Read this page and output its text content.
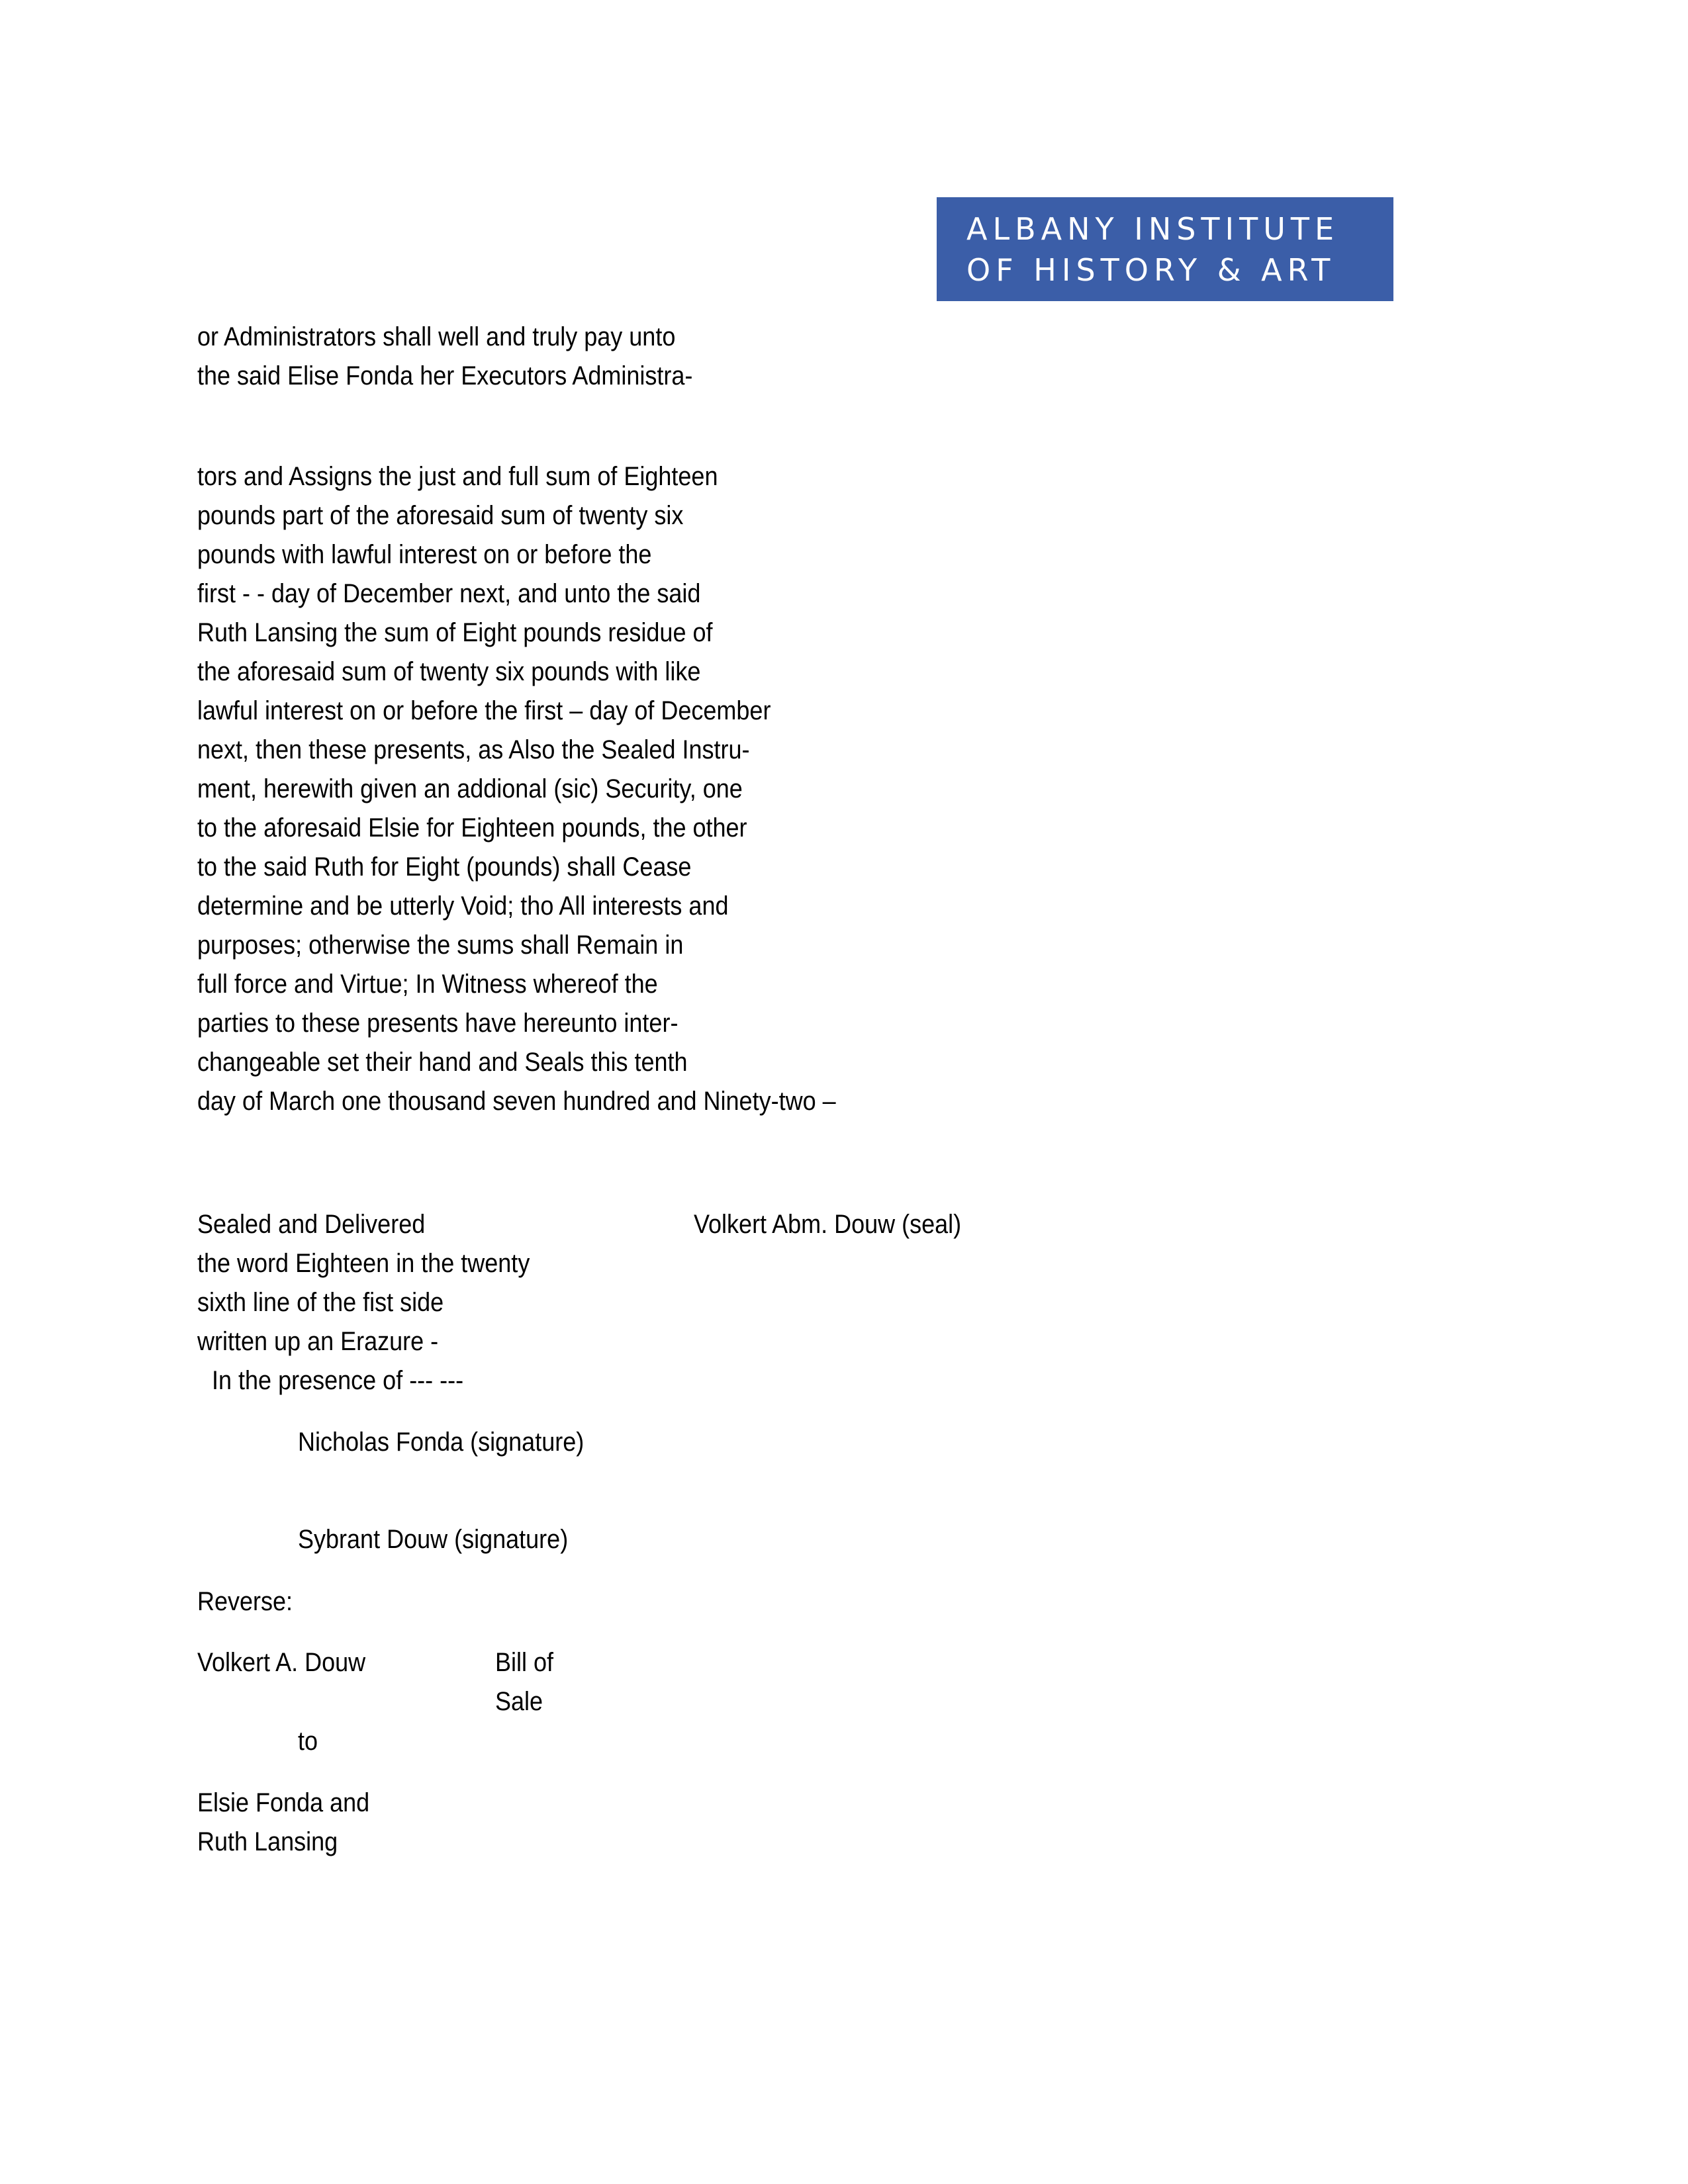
ALBANY INSTITUTE
OF HISTORY & ART
or Administrators shall well and truly pay unto
the said Elise Fonda her Executors Administra-
tors and Assigns the just and full sum of Eighteen
pounds part of the aforesaid sum of twenty six
pounds with lawful interest on or before the
first - - day of December next, and unto the said
Ruth Lansing the sum of Eight pounds residue of
the aforesaid sum of twenty six pounds with like
lawful interest on or before the first – day of December
next, then these presents, as Also the Sealed Instru-
ment, herewith given an addional (sic) Security, one
to the aforesaid Elsie for Eighteen pounds, the other
to the said Ruth for Eight (pounds) shall Cease
determine and be utterly Void; tho All interests and
purposes; otherwise the sums shall Remain in
full force and Virtue; In Witness whereof the
parties to these presents have hereunto inter-
changeable set their hand and Seals this tenth
day of March one thousand seven hundred and Ninety-two –
Sealed and Delivered	Volkert Abm. Douw (seal)
the word Eighteen in the twenty
sixth line of the fist side
written up an Erazure -
In the presence of --- ---
Nicholas Fonda (signature)
Sybrant Douw (signature)
Reverse:
Volkert A. Douw	Bill of
Sale
to
Elsie Fonda and
Ruth Lansing
